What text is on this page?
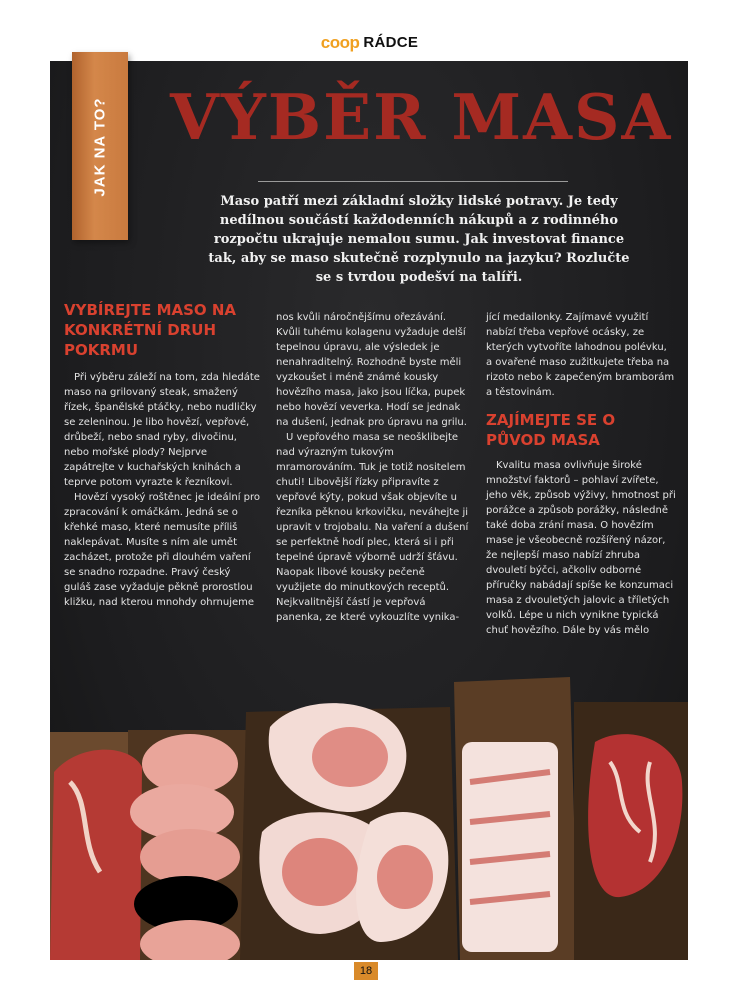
coop RÁDCE
JAK NA TO? VÝBĚR MASA

Maso patří mezi základní složky lidské potravy. Je tedy nedílnou součástí každodenních nákupů a z rodinného rozpočtu ukrajuje nemalou sumu. Jak investovat finance tak, aby se maso skutečně rozplynulo na jazyku? Rozlučte se s tvrdou podešví na talíři.

VYBÍREJTE MASO NA KONKRÉTNÍ DRUH POKRMU

Při výběru záleží na tom, zda hledáte maso na grilovaný steak, smažený řízek, španělské ptáčky, nebo nudličky se zeleninou. Je libo hovězí, vepřové, drůbeží, nebo snad ryby, divočinu, nebo mořské plody? Nejprve zapátrejte v kuchařských knihách a teprve potom vyrazte k řezníkovi.

Hovězí vysoký roštěnec je ideální pro zpracování k omáčkám. Jedná se o křehké maso, které nemusíte příliš naklepávat. Musíte s ním ale umět zacházet, protože při dlouhém vaření se snadno rozpadne. Pravý český guláš zase vyžaduje pěkně prorostlou kližku, nad kterou mnohdy ohrnujeme

nos kvůli náročnějšímu ořezávání. Kvůli tuhému kolagenu vyžaduje delší tepelnou úpravu, ale výsledek je nenahraditelný. Rozhodně byste měli vyzkoušet i méně známé kousky hovězího masa, jako jsou líčka, pupek nebo hovězí veverka. Hodí se jednak na dušení, jednak pro úpravu na grilu.

U vepřového masa se neošklibejte nad výrazným tukovým mramorováním. Tuk je totiž nositelem chuti! Libovější řízky připravíte z vepřové kýty, pokud však objevíte u řezníka pěknou krkovičku, neváhejte ji upravit v trojobalu. Na vaření a dušení se perfektně hodí plec, která si i při tepelné úpravě výborně udrží šťávu. Naopak libové kousky pečeně využijete do minutkových receptů. Nejkvalitnější částí je vepřová panenka, ze které vykouzlíte vynika-

jící medailonky. Zajímavé využití nabízí třeba vepřové ocásky, ze kterých vytvoříte lahodnou polévku, a ovařené maso zužitkujete třeba na rizoto nebo k zapečeným bramborám a těstovinám.

ZAJÍMEJTE SE O PŮVOD MASA

Kvalitu masa ovlivňuje široké množství faktorů – pohlaví zvířete, jeho věk, způsob výživy, hmotnost při porážce a způsob porážky, následně také doba zrání masa. O hovězím mase je všeobecně rozšířený názor, že nejlepší maso nabízí zhruba dvouletí býčci, ačkoliv odborné příručky nabádají spíše ke konzumaci masa z dvouletých jalovic a tříletých volků. Lépe u nich vynikne typická chuť hovězího. Dále by vás mělo

18
